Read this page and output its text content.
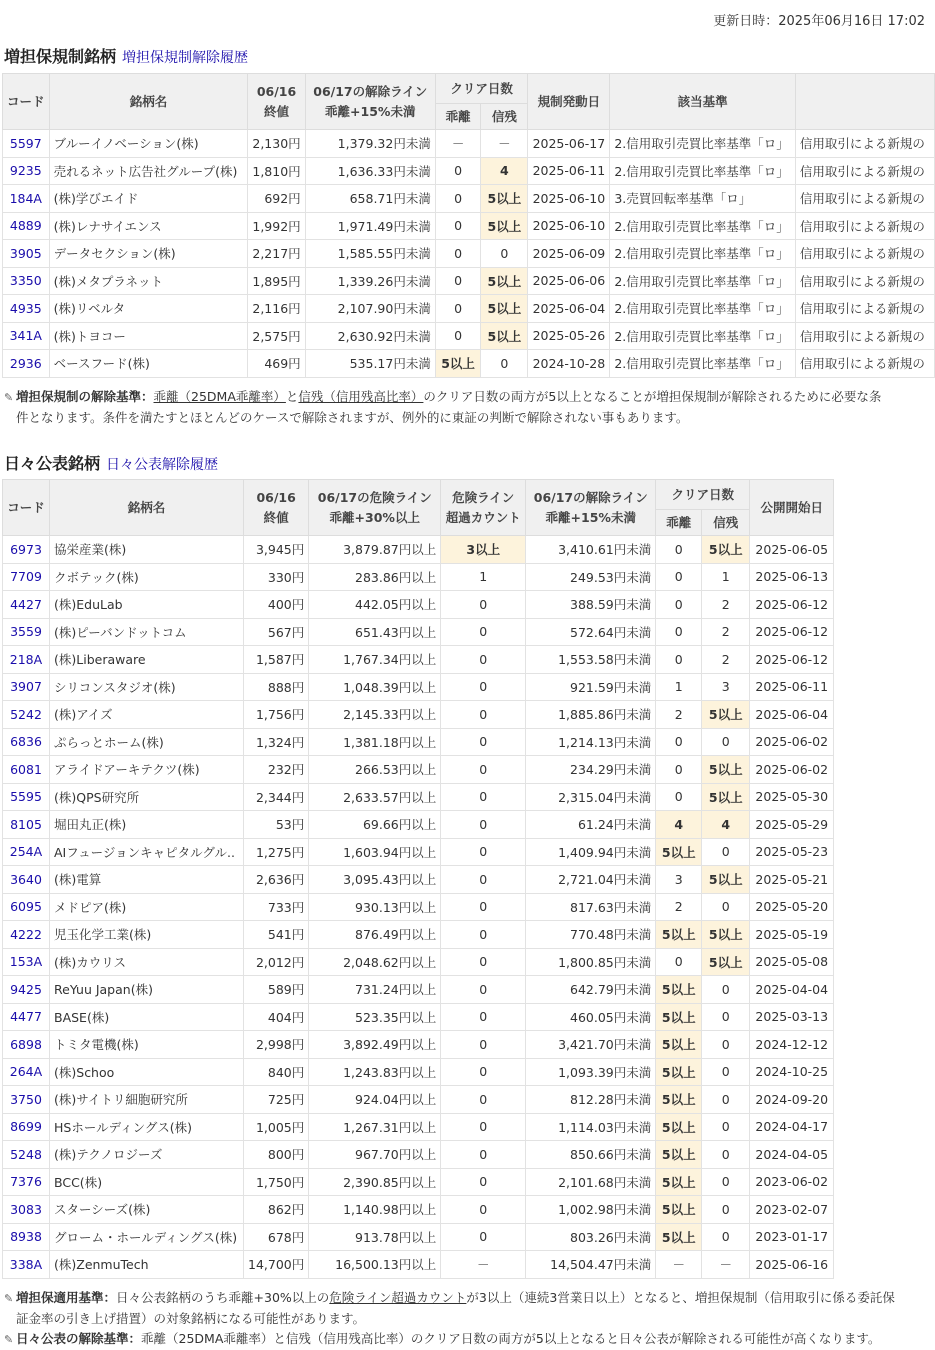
更新日時：2025年06月16日 17:02
増担保規制銘柄 増担保規制解除履歴
コード	銘柄名	06/16
終値	06/17の解除ライン
乖離+15%未満	クリア日数		規制発動日	該当基準	
				乖離	信残			
5597	ブルーイノベーション(株)	2,130円	1,379.32円未満	－	－	2025-06-17	2.信用取引売買比率基準「ロ」	信用取引による新規の
9235	売れるネット広告社グループ(株)	1,810円	1,636.33円未満	0	4	2025-06-11	2.信用取引売買比率基準「ロ」	信用取引による新規の
184A	(株)学びエイド	692円	658.71円未満	0	5以上	2025-06-10	3.売買回転率基準「ロ」	信用取引による新規の
4889	(株)レナサイエンス	1,992円	1,971.49円未満	0	5以上	2025-06-10	2.信用取引売買比率基準「ロ」	信用取引による新規の
3905	データセクション(株)	2,217円	1,585.55円未満	0	0	2025-06-09	2.信用取引売買比率基準「ロ」	信用取引による新規の
3350	(株)メタプラネット	1,895円	1,339.26円未満	0	5以上	2025-06-06	2.信用取引売買比率基準「ロ」	信用取引による新規の
4935	(株)リベルタ	2,116円	2,107.90円未満	0	5以上	2025-06-04	2.信用取引売買比率基準「ロ」	信用取引による新規の
341A	(株)トヨコー	2,575円	2,630.92円未満	0	5以上	2025-05-26	2.信用取引売買比率基準「ロ」	信用取引による新規の
2936	ベースフード(株)	469円	535.17円未満	5以上	0	2024-10-28	2.信用取引売買比率基準「ロ」	信用取引による新規の
✎ 増担保規制の解除基準：乖離（25DMA乖離率）と信残（信用残高比率）のクリア日数の両方が5以上となることが増担保規制が解除されるために必要な条
件となります。条件を満たすとほとんどのケースで解除されますが、例外的に東証の判断で解除されない事もあります。
日々公表銘柄 日々公表解除履歴
コード	銘柄名	06/16
終値	06/17の危険ライン
乖離+30%以上	危険ライン
超過カウント	06/17の解除ライン
乖離+15%未満	クリア日数		公開開始日
						乖離	信残	
6973	協栄産業(株)	3,945円	3,879.87円以上	3以上	3,410.61円未満	0	5以上	2025-06-05
7709	クボテック(株)	330円	283.86円以上	1	249.53円未満	0	1	2025-06-13
4427	(株)EduLab	400円	442.05円以上	0	388.59円未満	0	2	2025-06-12
3559	(株)ピーバンドットコム	567円	651.43円以上	0	572.64円未満	0	2	2025-06-12
218A	(株)Liberaware	1,587円	1,767.34円以上	0	1,553.58円未満	0	2	2025-06-12
3907	シリコンスタジオ(株)	888円	1,048.39円以上	0	921.59円未満	1	3	2025-06-11
5242	(株)アイズ	1,756円	2,145.33円以上	0	1,885.86円未満	2	5以上	2025-06-04
6836	ぷらっとホーム(株)	1,324円	1,381.18円以上	0	1,214.13円未満	0	0	2025-06-02
6081	アライドアーキテクツ(株)	232円	266.53円以上	0	234.29円未満	0	5以上	2025-06-02
5595	(株)QPS研究所	2,344円	2,633.57円以上	0	2,315.04円未満	0	5以上	2025-05-30
8105	堀田丸正(株)	53円	69.66円以上	0	61.24円未満	4	4	2025-05-29
254A	AIフュージョンキャピタルグル..	1,275円	1,603.94円以上	0	1,409.94円未満	5以上	0	2025-05-23
3640	(株)電算	2,636円	3,095.43円以上	0	2,721.04円未満	3	5以上	2025-05-21
6095	メドピア(株)	733円	930.13円以上	0	817.63円未満	2	0	2025-05-20
4222	児玉化学工業(株)	541円	876.49円以上	0	770.48円未満	5以上	5以上	2025-05-19
153A	(株)カウリス	2,012円	2,048.62円以上	0	1,800.85円未満	0	5以上	2025-05-08
9425	ReYuu Japan(株)	589円	731.24円以上	0	642.79円未満	5以上	0	2025-04-04
4477	BASE(株)	404円	523.35円以上	0	460.05円未満	5以上	0	2025-03-13
6898	トミタ電機(株)	2,998円	3,892.49円以上	0	3,421.70円未満	5以上	0	2024-12-12
264A	(株)Schoo	840円	1,243.83円以上	0	1,093.39円未満	5以上	0	2024-10-25
3750	(株)サイトリ細胞研究所	725円	924.04円以上	0	812.28円未満	5以上	0	2024-09-20
8699	HSホールディングス(株)	1,005円	1,267.31円以上	0	1,114.03円未満	5以上	0	2024-04-17
5248	(株)テクノロジーズ	800円	967.70円以上	0	850.66円未満	5以上	0	2024-04-05
7376	BCC(株)	1,750円	2,390.85円以上	0	2,101.68円未満	5以上	0	2023-06-02
3083	スターシーズ(株)	862円	1,140.98円以上	0	1,002.98円未満	5以上	0	2023-02-07
8938	グローム・ホールディングス(株)	678円	913.78円以上	0	803.26円未満	5以上	0	2023-01-17
338A	(株)ZenmuTech	14,700円	16,500.13円以上	－	14,504.47円未満	－	－	2025-06-16
✎ 増担保適用基準：日々公表銘柄のうち乖離+30%以上の危険ライン超過カウントが3以上（連続3営業日以上）となると、増担保規制（信用取引に係る委託保
証金率の引き上げ措置）の対象銘柄になる可能性があります。
✎ 日々公表の解除基準：乖離（25DMA乖離率）と信残（信用残高比率）のクリア日数の両方が5以上となると日々公表が解除される可能性が高くなります。
